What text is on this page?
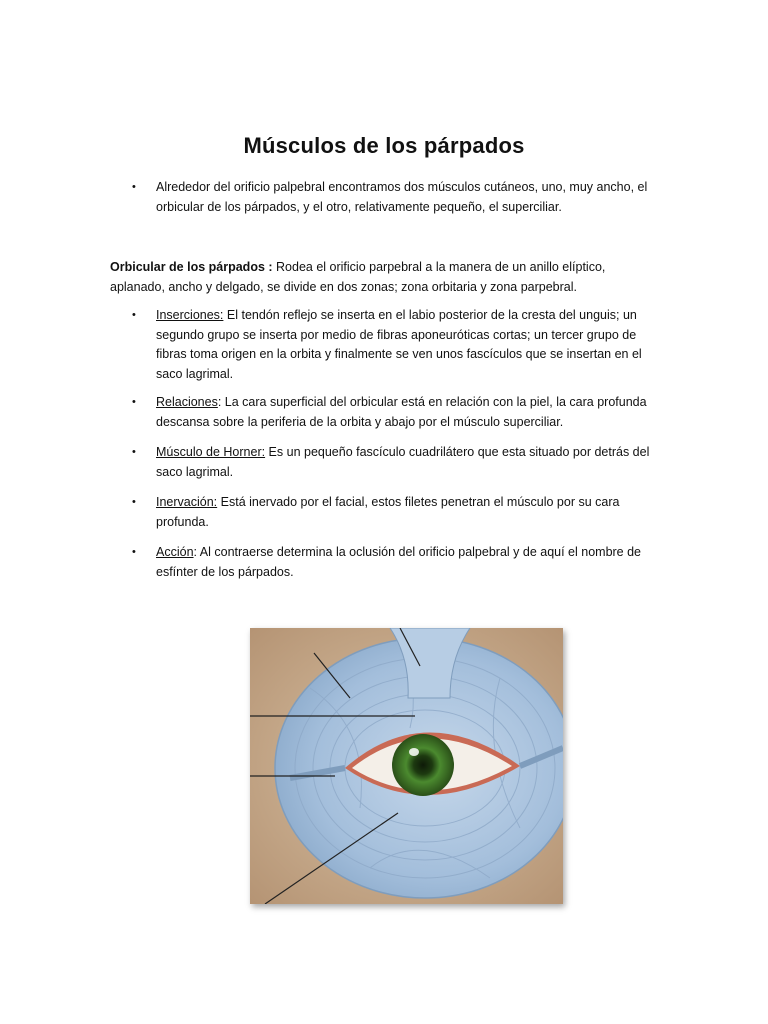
Músculos de los párpados
• Alrededor del orificio palpebral encontramos dos músculos cutáneos, uno, muy ancho, el orbicular de los párpados, y el otro, relativamente pequeño, el superciliar.
Orbicular de los párpados : Rodea el orificio parpebral a la manera de un anillo elíptico, aplanado, ancho y delgado, se divide en dos zonas; zona orbitaria y zona parpebral.
• Inserciones: El tendón reflejo se inserta en el labio posterior de la cresta del unguis; un segundo grupo se inserta por medio de fibras aponeuróticas cortas; un tercer grupo de fibras toma origen en la orbita y finalmente se ven unos fascículos que se insertan en el saco lagrimal.
• Relaciones: La cara superficial del orbicular está en relación con la piel, la cara profunda descansa sobre la periferia de la orbita y abajo por el músculo superciliar.
• Músculo de Horner: Es un pequeño fascículo cuadrilátero que esta situado por detrás del saco lagrimal.
• Inervación: Está inervado por el facial, estos filetes penetran el músculo por su cara profunda.
• Acción: Al contraerse determina la oclusión del orificio palpebral y de aquí el nombre de esfínter de los párpados.
